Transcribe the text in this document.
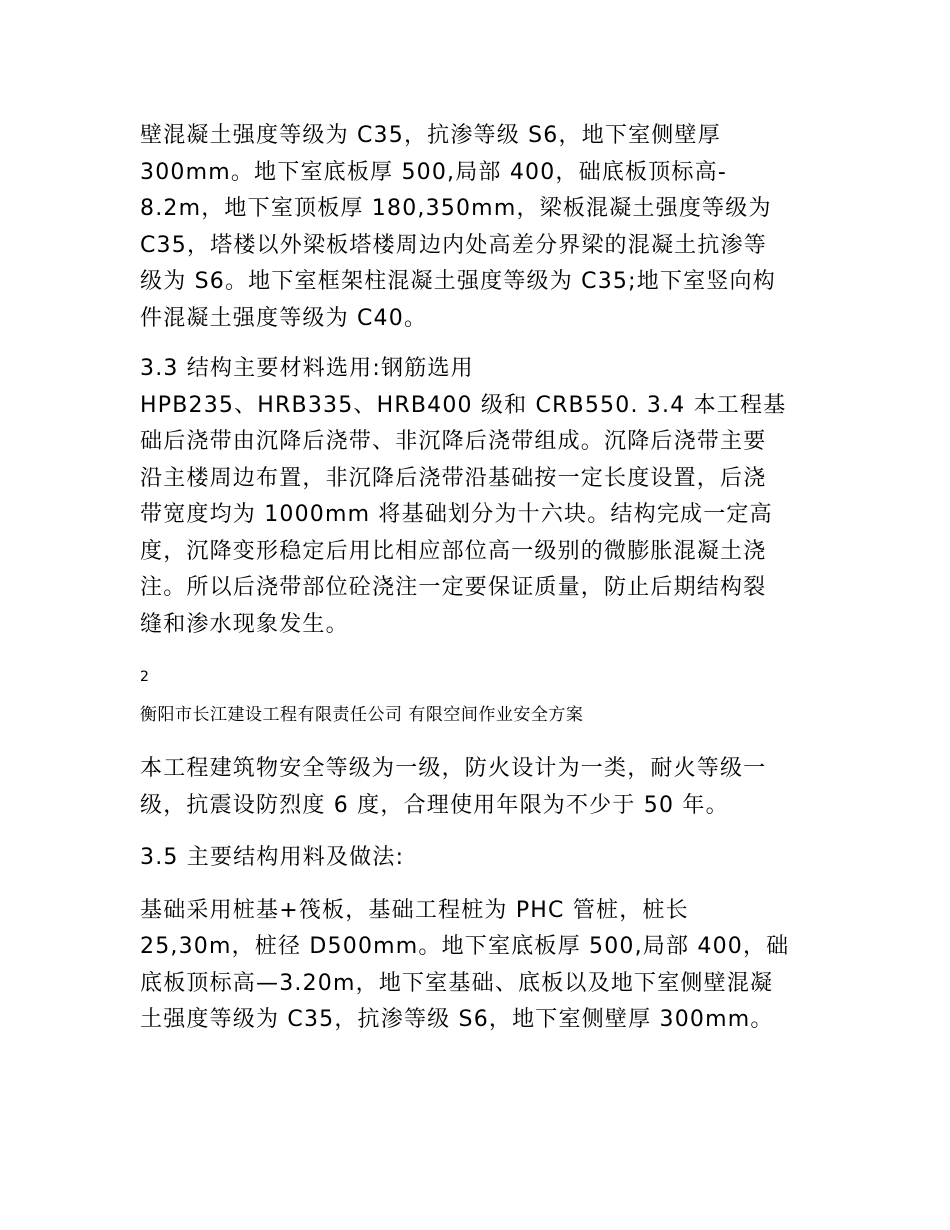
壁混凝土强度等级为 C35，抗渗等级 S6，地下室侧壁厚
300mm。地下室底板厚 500,局部 400，础底板顶标高-
8.2m，地下室顶板厚 180,350mm，梁板混凝土强度等级为
C35，塔楼以外梁板塔楼周边内处高差分界梁的混凝土抗渗等
级为 S6。地下室框架柱混凝土强度等级为 C35;地下室竖向构
件混凝土强度等级为 C40。

3.3 结构主要材料选用:钢筋选用
HPB235、HRB335、HRB400 级和 CRB550. 3.4 本工程基
础后浇带由沉降后浇带、非沉降后浇带组成。沉降后浇带主要
沿主楼周边布置，非沉降后浇带沿基础按一定长度设置，后浇
带宽度均为 1000mm 将基础划分为十六块。结构完成一定高
度，沉降变形稳定后用比相应部位高一级别的微膨胀混凝土浇
注。所以后浇带部位砼浇注一定要保证质量，防止后期结构裂
缝和渗水现象发生。

2
衡阳市长江建设工程有限责任公司 有限空间作业安全方案

本工程建筑物安全等级为一级，防火设计为一类，耐火等级一
级，抗震设防烈度 6 度，合理使用年限为不少于 50 年。

3.5 主要结构用料及做法:

基础采用桩基+筏板，基础工程桩为 PHC 管桩，桩长
25,30m，桩径 D500mm。地下室底板厚 500,局部 400，础
底板顶标高—3.20m，地下室基础、底板以及地下室侧壁混凝
土强度等级为 C35，抗渗等级 S6，地下室侧壁厚 300mm。
